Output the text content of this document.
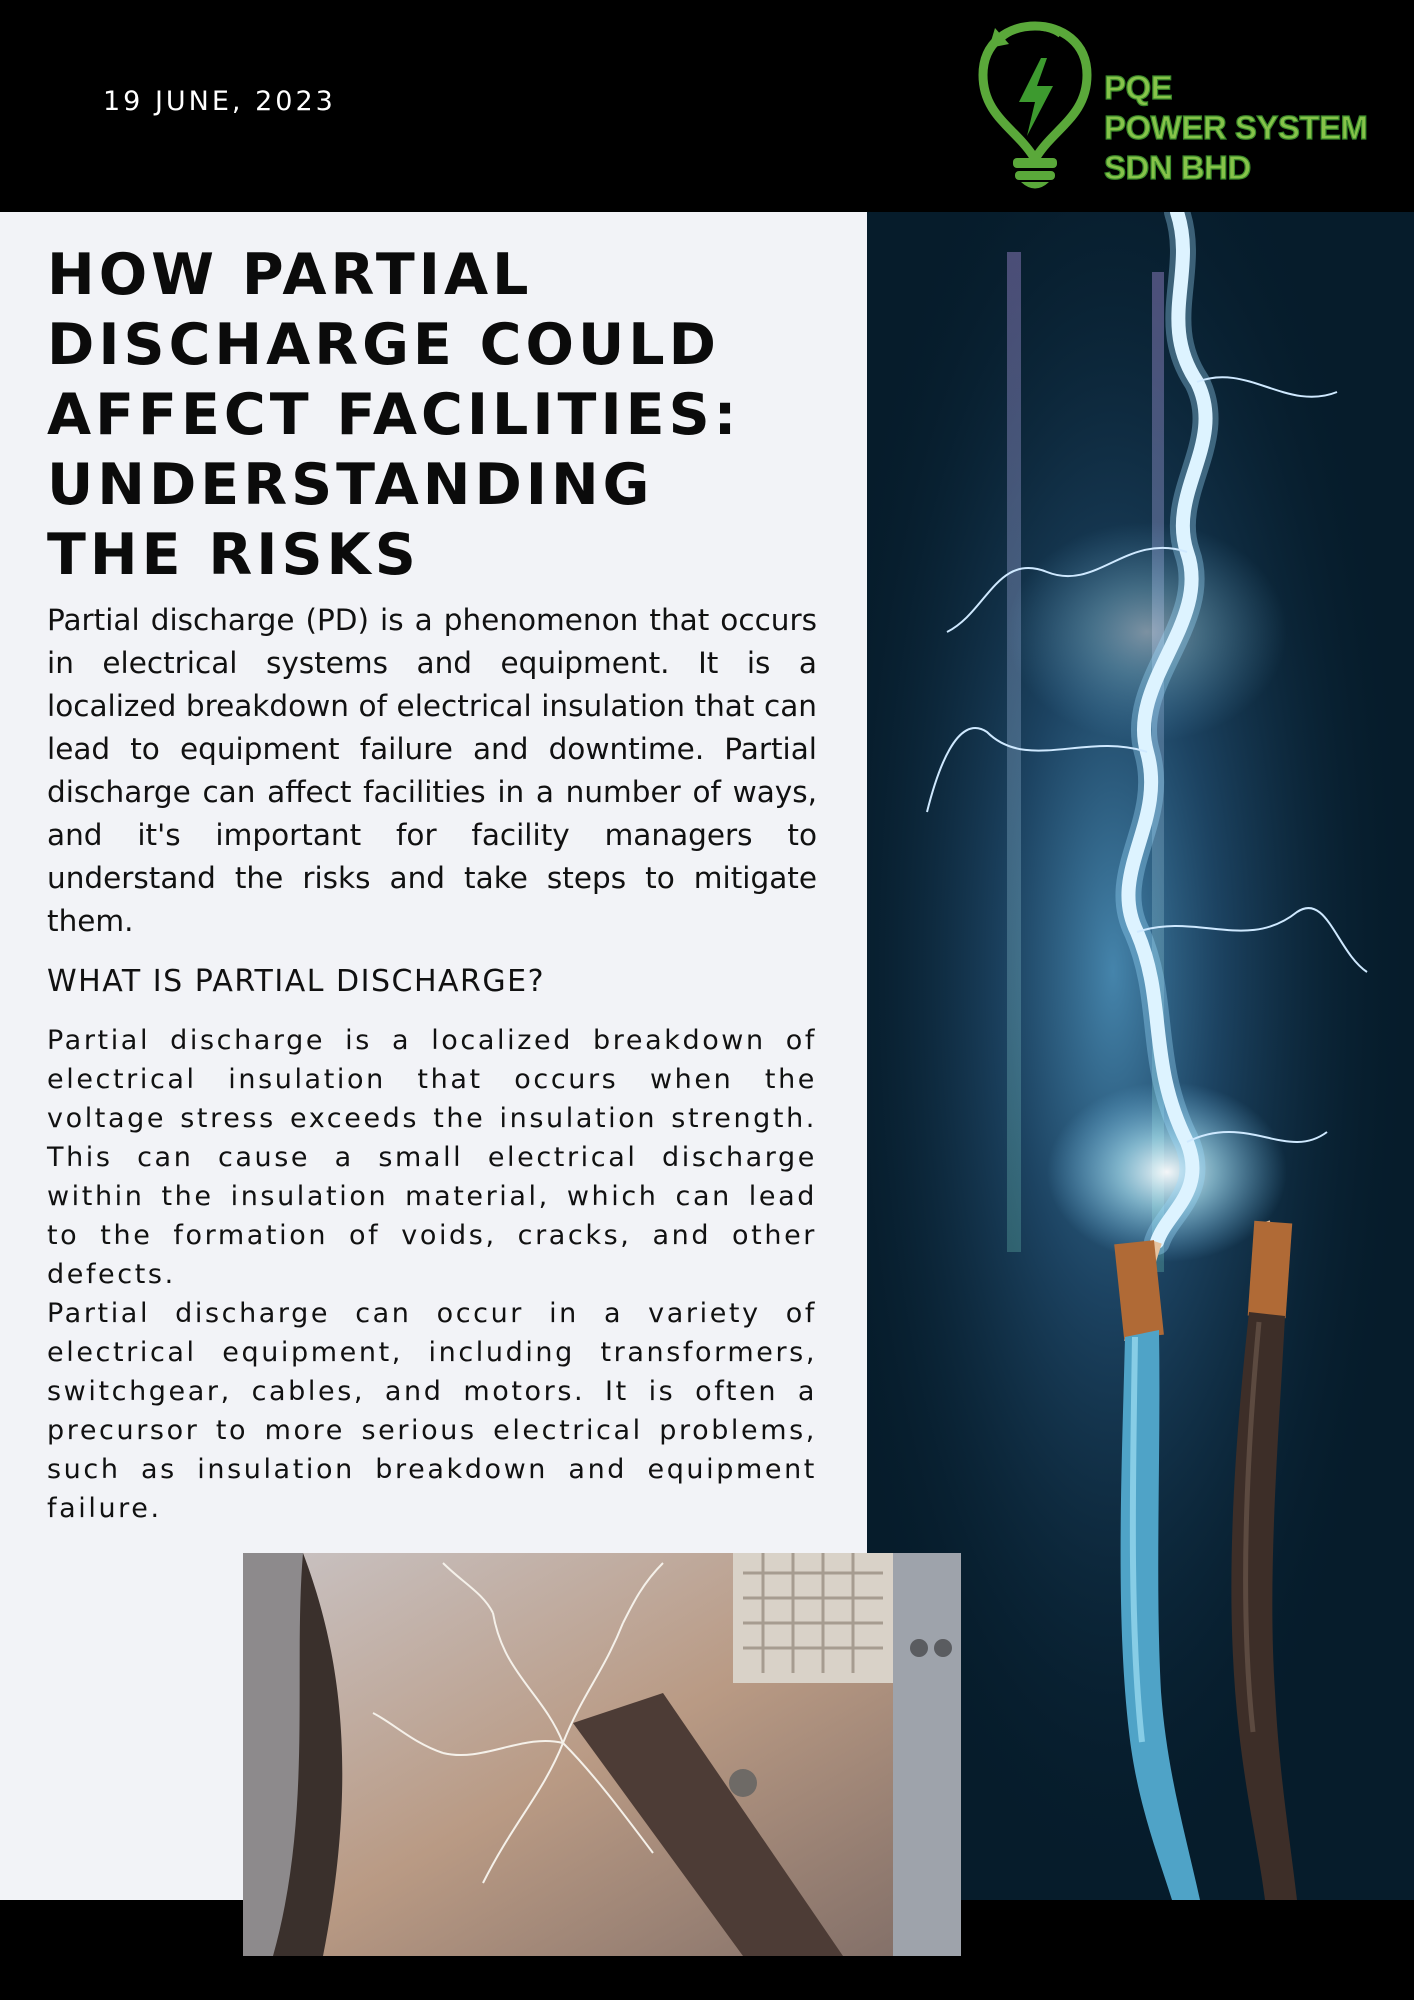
19 JUNE, 2023	PQE
POWER SYSTEM
SDN BHD
HOW PARTIAL DISCHARGE COULD AFFECT FACILITIES: UNDERSTANDING THE RISKS

Partial discharge (PD) is a phenomenon that occurs in electrical systems and equipment. It is a localized breakdown of electrical insulation that can lead to equipment failure and downtime. Partial discharge can affect facilities in a number of ways, and it's important for facility managers to understand the risks and take steps to mitigate them.

WHAT IS PARTIAL DISCHARGE?

Partial discharge is a localized breakdown of electrical insulation that occurs when the voltage stress exceeds the insulation strength. This can cause a small electrical discharge within the insulation material, which can lead to the formation of voids, cracks, and other defects.

Partial discharge can occur in a variety of electrical equipment, including transformers, switchgear, cables, and motors. It is often a precursor to more serious electrical problems, such as insulation breakdown and equipment failure.
